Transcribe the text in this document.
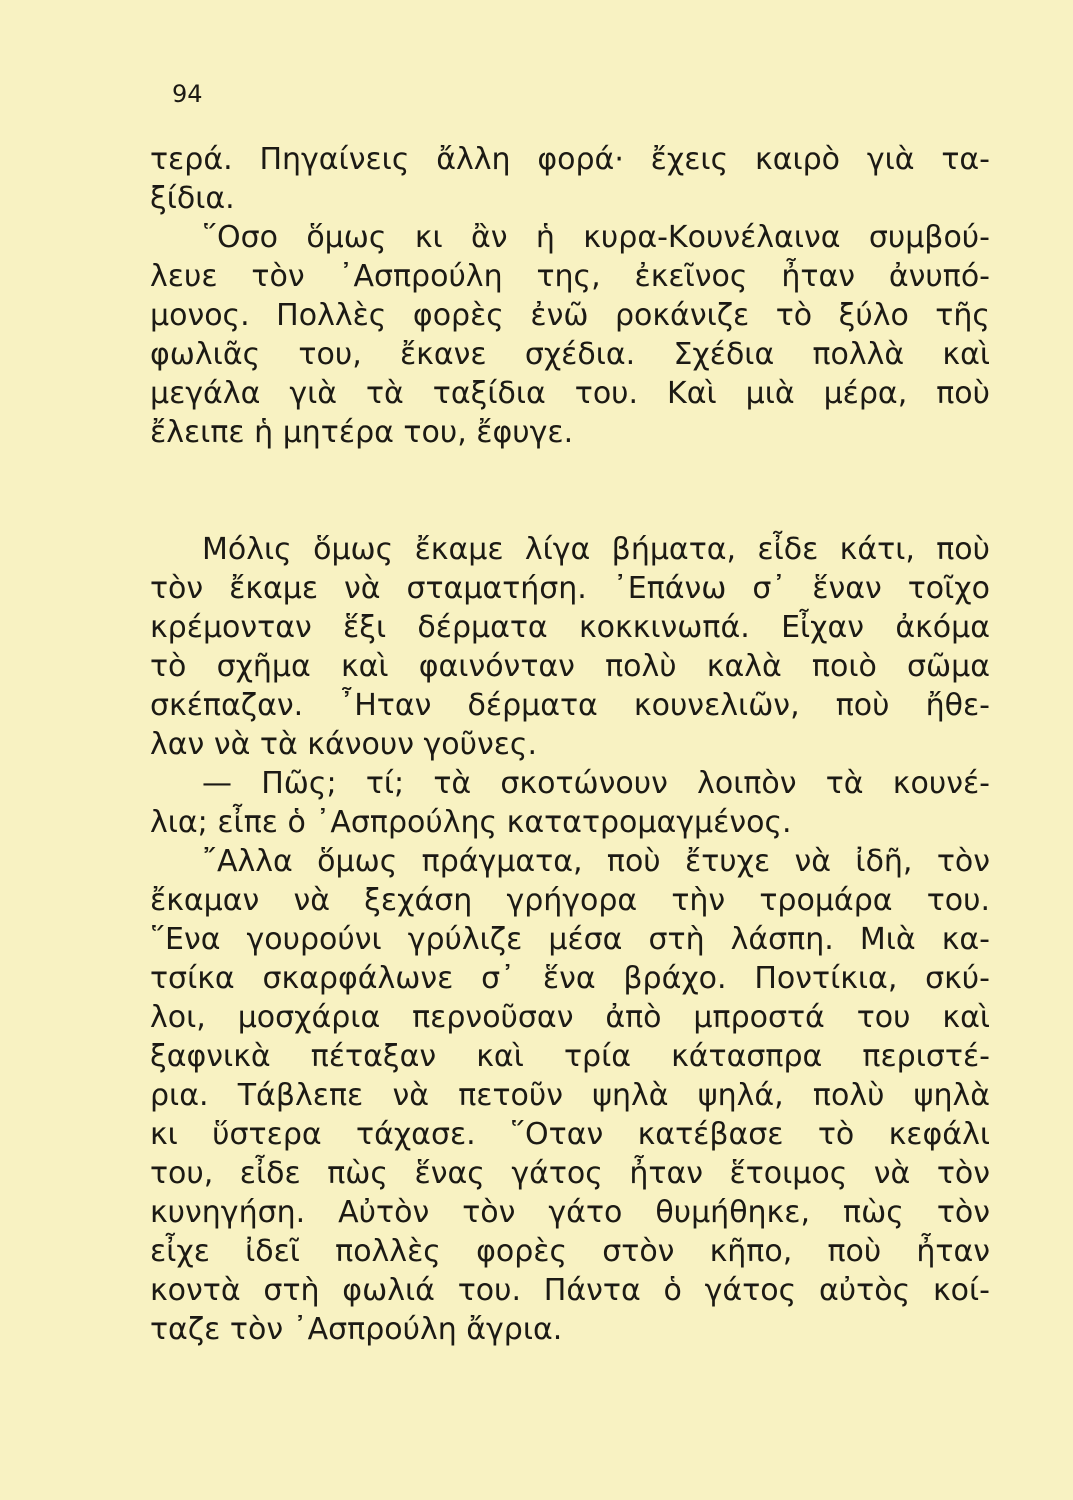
94
τερά. Πηγαίνεις ἄλλη φορά· ἔχεις καιρὸ γιὰ τα-
ξίδια.
῞Οσο ὅμως κι ἂν ἡ κυρα-Κουνέλαινα συμβού-
λευε τὸν ᾿Ασπρούλη της, ἐκεῖνος ἦταν ἀνυπό-
μονος. Πολλὲς φορὲς ἐνῶ ροκάνιζε τὸ ξύλο τῆς
φωλιᾶς του, ἔκανε σχέδια. Σχέδια πολλὰ καὶ
μεγάλα γιὰ τὰ ταξίδια του. Καὶ μιὰ μέρα, ποὺ
ἔλειπε ἡ μητέρα του, ἔφυγε.
Μόλις ὅμως ἔκαμε λίγα βήματα, εἶδε κάτι, ποὺ
τὸν ἔκαμε νὰ σταματήση. ᾿Επάνω σ᾿ ἕναν τοῖχο
κρέμονταν ἕξι δέρματα κοκκινωπά. Εἶχαν ἀκόμα
τὸ σχῆμα καὶ φαινόνταν πολὺ καλὰ ποιὸ σῶμα
σκέπαζαν. ῏Ηταν δέρματα κουνελιῶν, ποὺ ἤθε-
λαν νὰ τὰ κάνουν γοῦνες.
— Πῶς; τί; τὰ σκοτώνουν λοιπὸν τὰ κουνέ-
λια; εἶπε ὁ ᾿Ασπρούλης κατατρομαγμένος.
῎Αλλα ὅμως πράγματα, ποὺ ἔτυχε νὰ ἰδῆ, τὸν
ἔκαμαν νὰ ξεχάση γρήγορα τὴν τρομάρα του.
῞Ενα γουρούνι γρύλιζε μέσα στὴ λάσπη. Μιὰ κα-
τσίκα σκαρφάλωνε σ᾿ ἕνα βράχο. Ποντίκια, σκύ-
λοι, μοσχάρια περνοῦσαν ἀπὸ μπροστά του καὶ
ξαφνικὰ πέταξαν καὶ τρία κάτασπρα περιστέ-
ρια. Τάβλεπε νὰ πετοῦν ψηλὰ ψηλά, πολὺ ψηλὰ
κι ὕστερα τάχασε. ῞Οταν κατέβασε τὸ κεφάλι
του, εἶδε πὼς ἕνας γάτος ἦταν ἕτοιμος νὰ τὸν
κυνηγήση. Αὐτὸν τὸν γάτο θυμήθηκε, πὼς τὸν
εἶχε ἰδεῖ πολλὲς φορὲς στὸν κῆπο, ποὺ ἦταν
κοντὰ στὴ φωλιά του. Πάντα ὁ γάτος αὐτὸς κοί-
ταζε τὸν ᾿Ασπρούλη ἄγρια.
